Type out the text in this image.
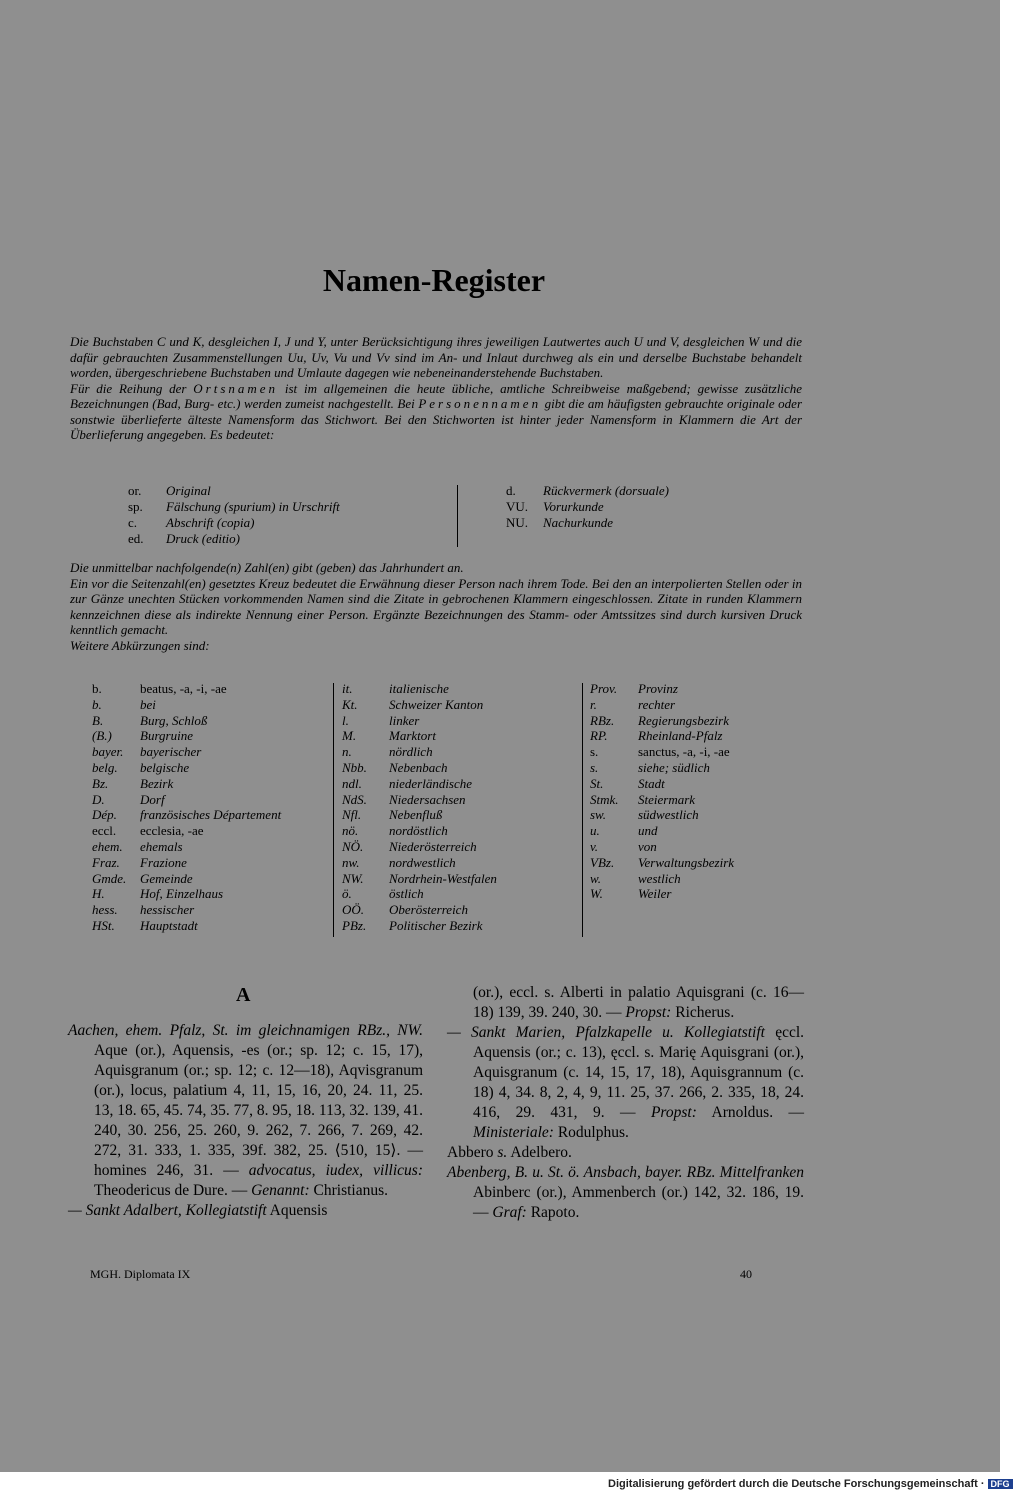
Namen-Register

Die Buchstaben C und K, desgleichen I, J und Y, unter Berücksichtigung ihres jeweiligen Lautwertes auch U und V, desgleichen W und die dafür gebrauchten Zusammenstellungen Uu, Uv, Vu und Vv sind im An- und Inlaut durchweg als ein und derselbe Buchstabe behandelt worden, übergeschriebene Buchstaben und Umlaute dagegen wie nebeneinanderstehende Buchstaben.

Für die Reihung der Ortsnamen ist im allgemeinen die heute übliche, amtliche Schreibweise maßgebend; gewisse zusätzliche Bezeichnungen (Bad, Burg- etc.) werden zumeist nachgestellt. Bei Personennamen gibt die am häufigsten gebrauchte originale oder sonstwie überlieferte älteste Namensform das Stichwort. Bei den Stichworten ist hinter jeder Namensform in Klammern die Art der Überlieferung angegeben. Es bedeutet:

or. Original
sp. Fälschung (spurium) in Urschrift
c. Abschrift (copia)
ed. Druck (editio)
d. Rückvermerk (dorsuale)
VU. Vorurkunde
NU. Nachurkunde

Die unmittelbar nachfolgende(n) Zahl(en) gibt (geben) das Jahrhundert an.

Ein vor die Seitenzahl(en) gesetztes Kreuz bedeutet die Erwähnung dieser Person nach ihrem Tode. Bei den an interpolierten Stellen oder in zur Gänze unechten Stücken vorkommenden Namen sind die Zitate in gebrochenen Klammern eingeschlossen. Zitate in runden Klammern kennzeichnen diese als indirekte Nennung einer Person. Ergänzte Bezeichnungen des Stamm- oder Amtssitzes sind durch kursiven Druck kenntlich gemacht.

Weitere Abkürzungen sind:

b.	beatus, -a, -i, -ae
b.	bei
B.	Burg, Schloß
(B.) Burgruine
bayer. bayerischer
belg. belgische
Bz. Bezirk
D.	Dorf
Dép. französisches Département
eccl. ecclesia, -ae
ehem. ehemals
Fraz. Frazione
Gmde. Gemeinde
H.	Hof, Einzelhaus
hess. hessischer
HSt. Hauptstadt
it.	italienische
Kt. Schweizer Kanton
l.	linker
M.	Marktort
n.	nördlich
Nbb. Nebenbach
ndl. niederländische
NdS. Niedersachsen
Nfl. Nebenfluß
nö. nordöstlich
NÖ. Niederösterreich
nw. nordwestlich
NW. Nordrhein-Westfalen
ö.	östlich
OÖ. Oberösterreich
PBz. Politischer Bezirk
Prov. Provinz
r.	rechter
RBz. Regierungsbezirk
RP. Rheinland-Pfalz
s.	sanctus, -a, -i, -ae
s.	siehe; südlich
St.	Stadt
Stmk. Steiermark
sw. südwestlich
u.	und
v.	von
VBz. Verwaltungsbezirk
w.	westlich
W.	Weiler
A

Aachen, ehem. Pfalz, St. im gleichnamigen RBz., NW. Aque (or.), Aquensis, -es (or.; sp. 12; c. 15, 17), Aquisgranum (or.; sp. 12; c. 12—18), Aqvisgranum (or.), locus, palatium 4, 11, 15, 16, 20, 24. 11, 25. 13, 18. 65, 45. 74, 35. 77, 8. 95, 18. 113, 32. 139, 41. 240, 30. 256, 25. 260, 9. 262, 7. 266, 7. 269, 42. 272, 31. 333, 1. 335, 39f. 382, 25. ⟨510, 15⟩. — homines 246, 31. — advocatus, iudex, villicus: Theodericus de Dure. — Genannt: Christianus.

— Sankt Adalbert, Kollegiatstift Aquensis

(or.), eccl. s. Alberti in palatio Aquisgrani (c. 16—18) 139, 39. 240, 30. — Propst: Richerus.

— Sankt Marien, Pfalzkapelle u. Kollegiatstift ęccl. Aquensis (or.; c. 13), ęccl. s. Marię Aquisgrani (or.), Aquisgranum (c. 14, 15, 17, 18), Aquisgrannum (c. 18) 4, 34. 8, 2, 4, 9, 11. 25, 37. 266, 2. 335, 18, 24. 416, 29. 431, 9. — Propst: Arnoldus. — Ministeriale: Rodulphus.

Abbero s. Adelbero.

Abenberg, B. u. St. ö. Ansbach, bayer. RBz. Mittelfranken Abinberc (or.), Ammenberch (or.) 142, 32. 186, 19. — Graf: Rapoto.

MGH. Diplomata IX	40
Digitalisierung gefördert durch die Deutsche Forschungsgemeinschaft · DFG
